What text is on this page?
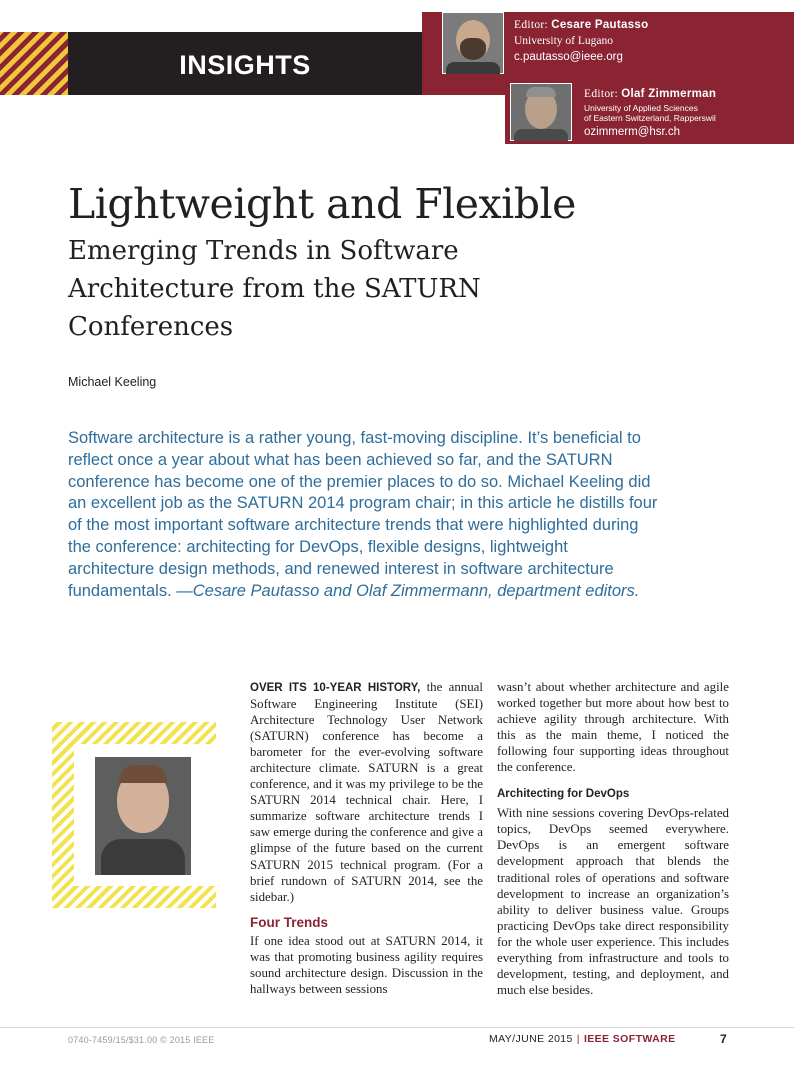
INSIGHTS
Editor: Cesare Pautasso
University of Lugano
c.pautasso@ieee.org
Editor: Olaf Zimmerman
University of Applied Sciences
of Eastern Switzerland, Rapperswil
ozimmerm@hsr.ch
Lightweight and Flexible
Emerging Trends in Software Architecture from the SATURN Conferences
Michael Keeling
Software architecture is a rather young, fast-moving discipline. It’s beneficial to reflect once a year about what has been achieved so far, and the SATURN conference has become one of the premier places to do so. Michael Keeling did an excellent job as the SATURN 2014 program chair; in this article he distills four of the most important software architecture trends that were highlighted during the conference: architecting for DevOps, flexible designs, lightweight architecture design methods, and renewed interest in software architecture fundamentals. —Cesare Pautasso and Olaf Zimmermann, department editors.

OVER ITS 10-YEAR HISTORY, the annual Software Engineering Institute (SEI) Architecture Technology User Network (SATURN) conference has become a barometer for the ever-evolving software architecture climate. SATURN is a great conference, and it was my privilege to be the SATURN 2014 technical chair. Here, I summarize software architecture trends I saw emerge during the conference and give a glimpse of the future based on the current SATURN 2015 technical program. (For a brief rundown of SATURN 2014, see the sidebar.)

Four Trends

If one idea stood out at SATURN 2014, it was that promoting business agility requires sound architecture design. Discussion in the hallways between sessions

wasn’t about whether architecture and agile worked together but more about how best to achieve agility through architecture. With this as the main theme, I noticed the following four supporting ideas throughout the conference.

Architecting for DevOps

With nine sessions covering DevOps-related topics, DevOps seemed everywhere. DevOps is an emergent software development approach that blends the traditional roles of operations and software development to increase an organization’s ability to deliver business value. Groups practicing DevOps take direct responsibility for the whole user experience. This includes everything from infrastructure and tools to development, testing, and deployment, and much else besides.

0740-7459/15/$31.00 © 2015 IEEE	MAY/JUNE 2015 | IEEE SOFTWARE	7
